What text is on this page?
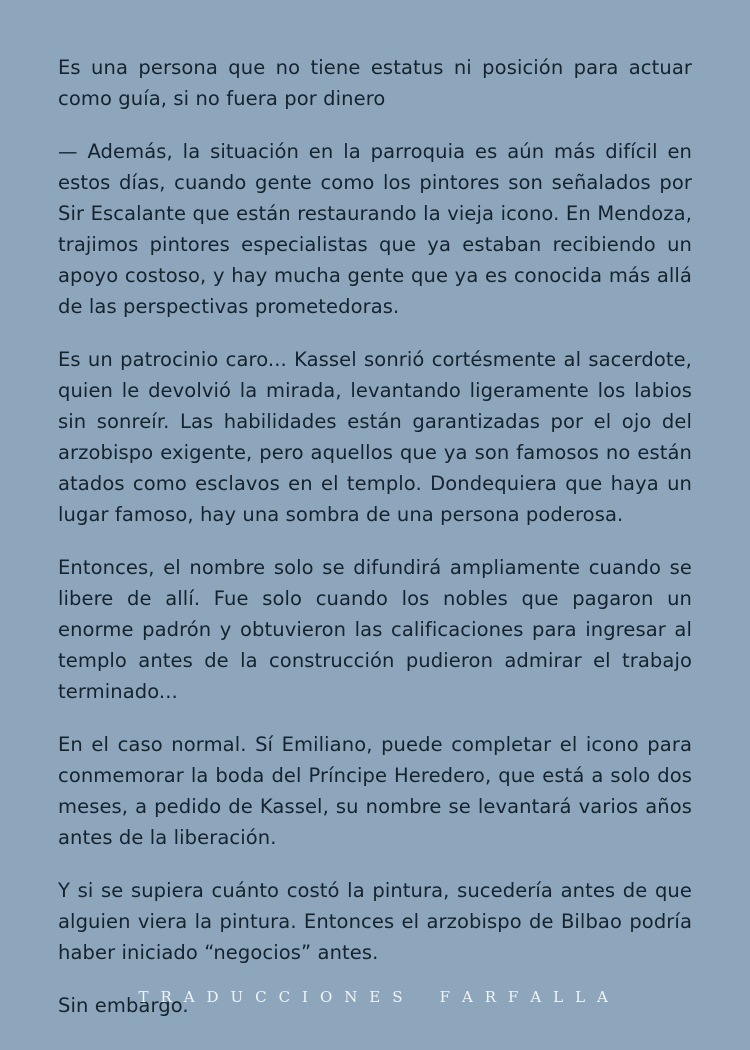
Es una persona que no tiene estatus ni posición para actuar como guía, si no fuera por dinero

— Además, la situación en la parroquia es aún más difícil en estos días, cuando gente como los pintores son señalados por Sir Escalante que están restaurando la vieja icono. En Mendoza, trajimos pintores especialistas que ya estaban recibiendo un apoyo costoso, y hay mucha gente que ya es conocida más allá de las perspectivas prometedoras.

Es un patrocinio caro... Kassel sonrió cortésmente al sacerdote, quien le devolvió la mirada, levantando ligeramente los labios sin sonreír. Las habilidades están garantizadas por el ojo del arzobispo exigente, pero aquellos que ya son famosos no están atados como esclavos en el templo. Dondequiera que haya un lugar famoso, hay una sombra de una persona poderosa.

Entonces, el nombre solo se difundirá ampliamente cuando se libere de allí. Fue solo cuando los nobles que pagaron un enorme padrón y obtuvieron las calificaciones para ingresar al templo antes de la construcción pudieron admirar el trabajo terminado...

En el caso normal. Sí Emiliano, puede completar el icono para conmemorar la boda del Príncipe Heredero, que está a solo dos meses, a pedido de Kassel, su nombre se levantará varios años antes de la liberación.

Y si se supiera cuánto costó la pintura, sucedería antes de que alguien viera la pintura. Entonces el arzobispo de Bilbao podría haber iniciado “negocios” antes.

Sin embargo.

T R A D U C C I O N E S    F A R F A L L A
